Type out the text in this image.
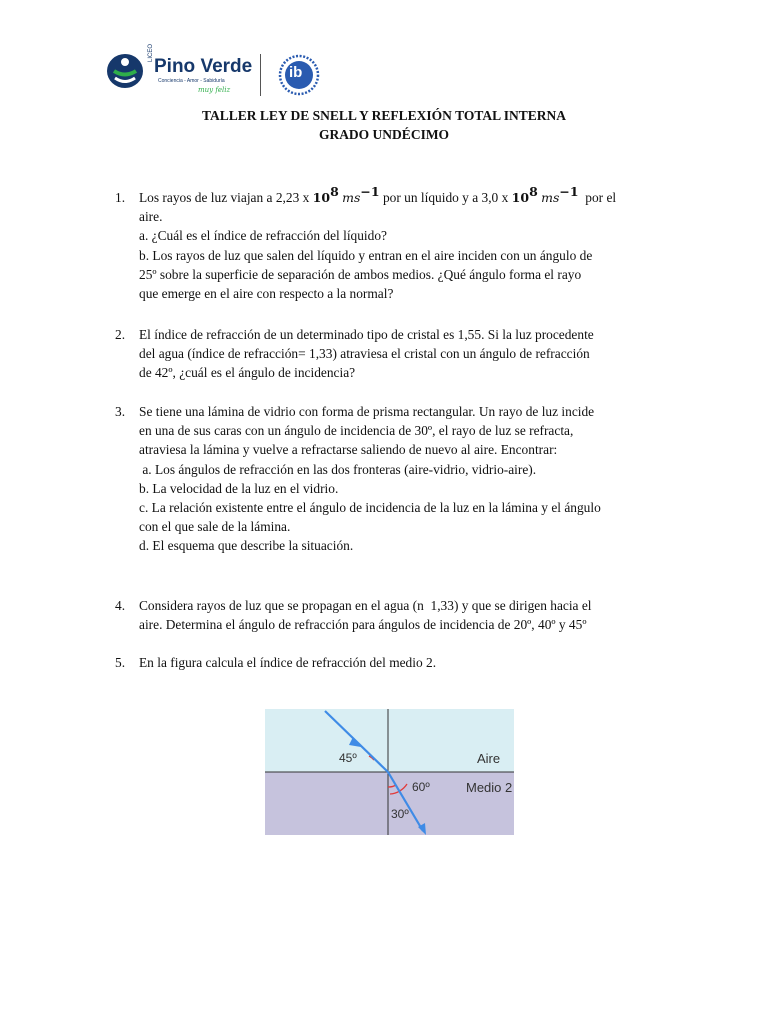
LICEO
Pino Verde
Conciencia - Amor - Sabiduría
muy feliz
ib
TALLER LEY DE SNELL Y REFLEXIÓN TOTAL INTERNA
GRADO UNDÉCIMO
1.	Los rayos de luz viajan a 2,23 x $10^8$ $ms^{-1}$ por un líquido y a 3,0 x $10^8$ $ms^{-1}$ por el
aire.
a. ¿Cuál es el índice de refracción del líquido?
b. Los rayos de luz que salen del líquido y entran en el aire inciden con un ángulo de
25º sobre la superficie de separación de ambos medios. ¿Qué ángulo forma el rayo
que emerge en el aire con respecto a la normal?
2.	El índice de refracción de un determinado tipo de cristal es 1,55. Si la luz procedente
del agua (índice de refracción= 1,33) atraviesa el cristal con un ángulo de refracción
de 42º, ¿cuál es el ángulo de incidencia?
3.	Se tiene una lámina de vidrio con forma de prisma rectangular. Un rayo de luz incide
en una de sus caras con un ángulo de incidencia de 30º, el rayo de luz se refracta,
atraviesa la lámina y vuelve a refractarse saliendo de nuevo al aire. Encontrar:
a. Los ángulos de refracción en las dos fronteras (aire-vidrio, vidrio-aire).
b. La velocidad de la luz en el vidrio.
c. La relación existente entre el ángulo de incidencia de la luz en la lámina y el ángulo
con el que sale de la lámina.
d. El esquema que describe la situación.
4.	Considera rayos de luz que se propagan en el agua (n  1,33) y que se dirigen hacia el
aire. Determina el ángulo de refracción para ángulos de incidencia de 20º, 40º y 45º
5.	En la figura calcula el índice de refracción del medio 2.
45º
60º
30º
Aire
Medio 2
